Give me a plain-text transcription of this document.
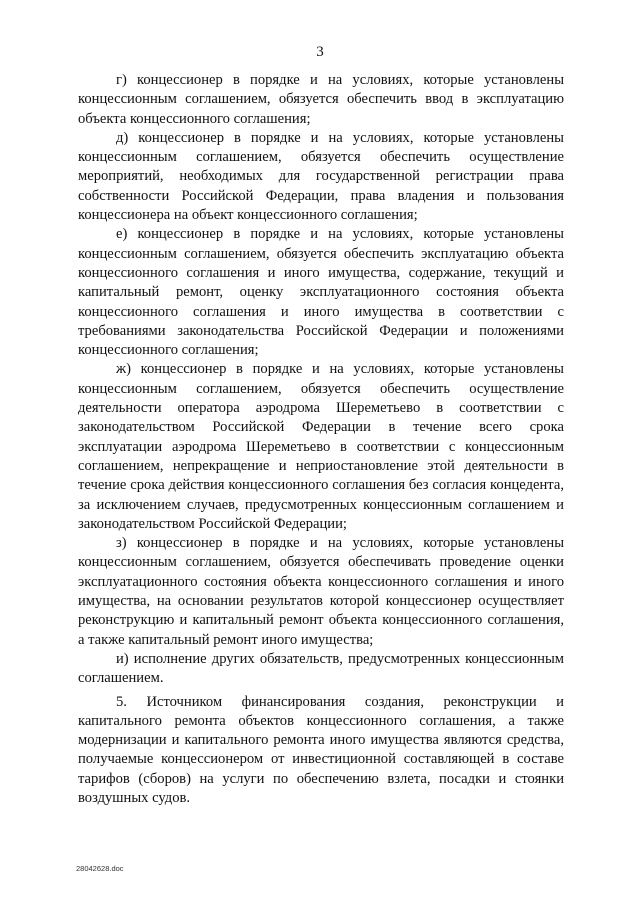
3

г) концессионер в порядке и на условиях, которые установлены концессионным соглашением, обязуется обеспечить ввод в эксплуатацию объекта концессионного соглашения;

д) концессионер в порядке и на условиях, которые установлены концессионным соглашением, обязуется обеспечить осуществление мероприятий, необходимых для государственной регистрации права собственности Российской Федерации, права владения и пользования концессионера на объект концессионного соглашения;

е) концессионер в порядке и на условиях, которые установлены концессионным соглашением, обязуется обеспечить эксплуатацию объекта концессионного соглашения и иного имущества, содержание, текущий и капитальный ремонт, оценку эксплуатационного состояния объекта концессионного соглашения и иного имущества в соответствии с требованиями законодательства Российской Федерации и положениями концессионного соглашения;

ж) концессионер в порядке и на условиях, которые установлены концессионным соглашением, обязуется обеспечить осуществление деятельности оператора аэродрома Шереметьево в соответствии с законодательством Российской Федерации в течение всего срока эксплуатации аэродрома Шереметьево в соответствии с концессионным соглашением, непрекращение и неприостановление этой деятельности в течение срока действия концессионного соглашения без согласия концедента, за исключением случаев, предусмотренных концессионным соглашением и законодательством Российской Федерации;

з) концессионер в порядке и на условиях, которые установлены концессионным соглашением, обязуется обеспечивать проведение оценки эксплуатационного состояния объекта концессионного соглашения и иного имущества, на основании результатов которой концессионер осуществляет реконструкцию и капитальный ремонт объекта концессионного соглашения, а также капитальный ремонт иного имущества;

и) исполнение других обязательств, предусмотренных концессионным соглашением.

5. Источником финансирования создания, реконструкции и капитального ремонта объектов концессионного соглашения, а также модернизации и капитального ремонта иного имущества являются средства, получаемые концессионером от инвестиционной составляющей в составе тарифов (сборов) на услуги по обеспечению взлета, посадки и стоянки воздушных судов.

28042628.doc
